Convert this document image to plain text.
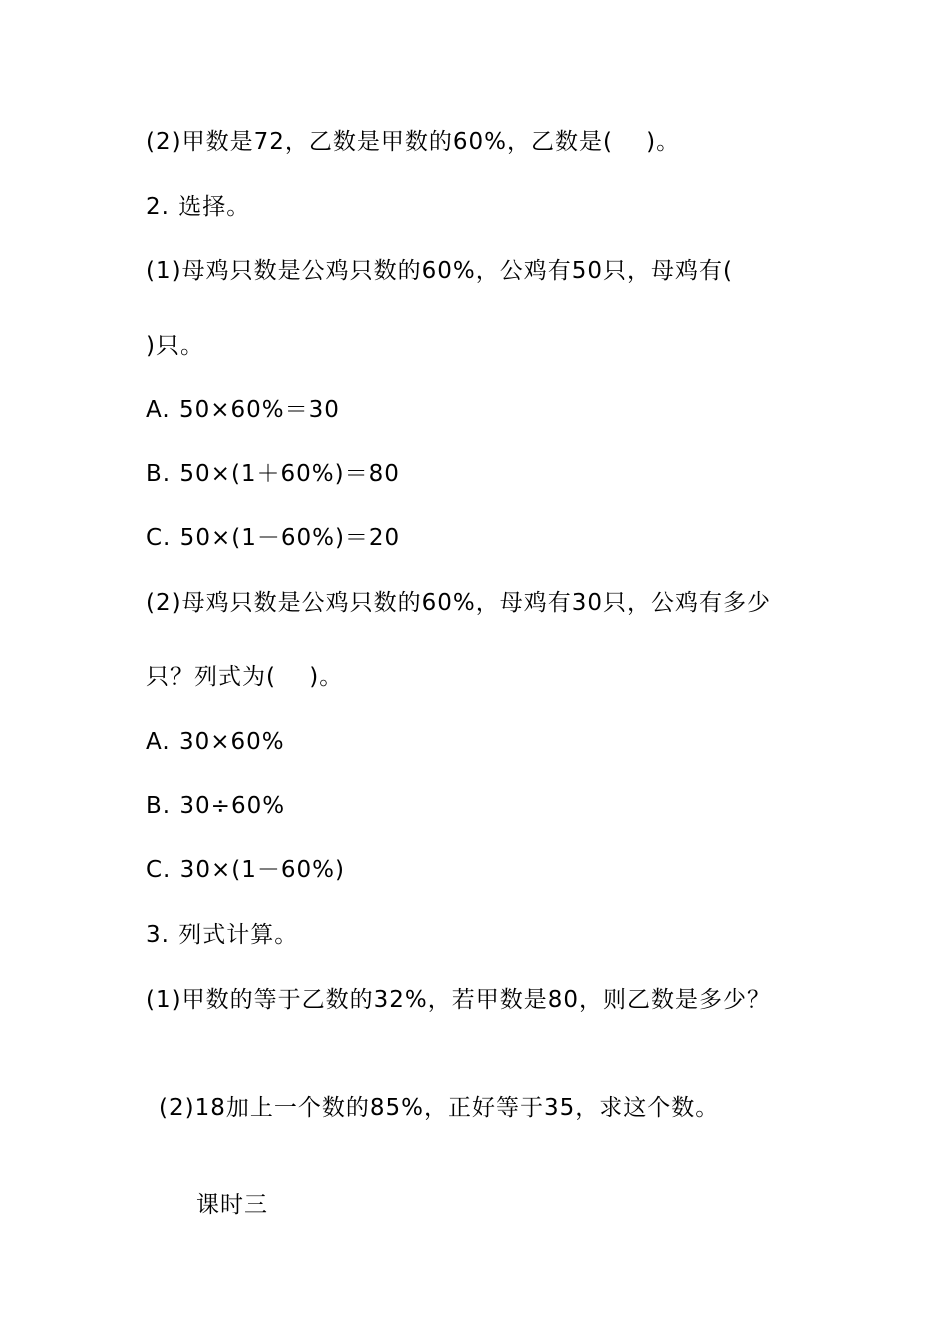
(2)甲数是72，乙数是甲数的60%，乙数是(    )。
2. 选择。
(1)母鸡只数是公鸡只数的60%，公鸡有50只，母鸡有(
)只。
A. 50×60%＝30
B. 50×(1＋60%)＝80
C. 50×(1－60%)＝20
(2)母鸡只数是公鸡只数的60%，母鸡有30只，公鸡有多少
只？列式为(    )。
A. 30×60%
B. 30÷60%
C. 30×(1－60%)
3. 列式计算。
(1)甲数的等于乙数的32%，若甲数是80，则乙数是多少？
(2)18加上一个数的85%，正好等于35，求这个数。
课时三
